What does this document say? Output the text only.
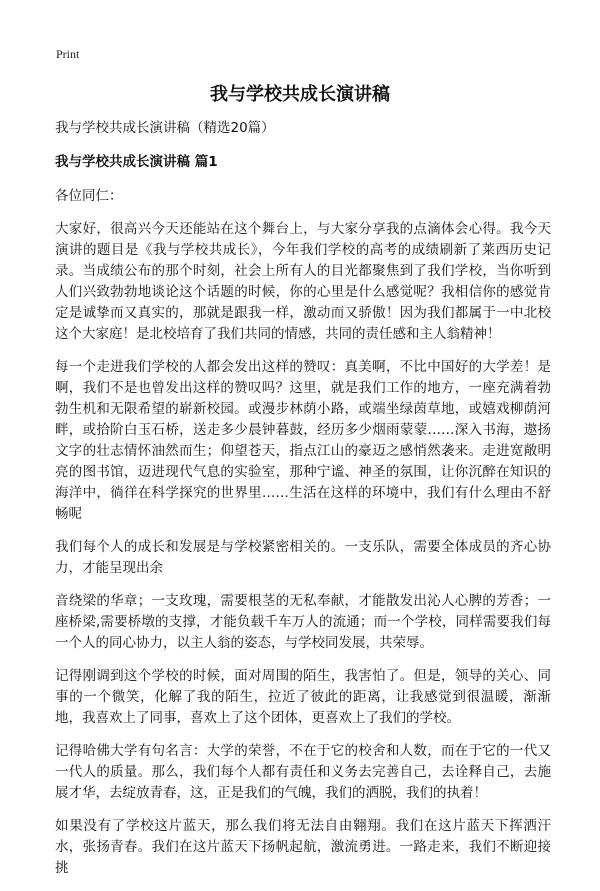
Print
我与学校共成长演讲稿

我与学校共成长演讲稿（精选20篇）

我与学校共成长演讲稿 篇1

各位同仁：

大家好，很高兴今天还能站在这个舞台上，与大家分享我的点滴体会心得。我今天演讲的题目是《我与学校共成长》，今年我们学校的高考的成绩刷新了莱西历史记录。当成绩公布的那个时刻，社会上所有人的目光都聚焦到了我们学校，当你听到人们兴致勃勃地谈论这个话题的时候，你的心里是什么感觉呢？我相信你的感觉肯定是诚挚而又真实的，那就是跟我一样，激动而又骄傲！因为我们都属于一中北校这个大家庭！是北校培育了我们共同的情感，共同的责任感和主人翁精神！

每一个走进我们学校的人都会发出这样的赞叹：真美啊，不比中国好的大学差！是啊，我们不是也曾发出这样的赞叹吗？这里，就是我们工作的地方，一座充满着勃勃生机和无限希望的崭新校园。或漫步林荫小路，或端坐绿茵草地，或嬉戏柳荫河畔，或拾阶白玉石桥，送走多少晨钟暮鼓，经历多少烟雨蒙蒙……深入书海，遨扬文字的壮志情怀油然而生；仰望苍天，指点江山的豪迈之感悄然袭来。走进宽敞明亮的图书馆，迈进现代气息的实验室，那种宁谧、神圣的氛围，让你沉醉在知识的海洋中，徜徉在科学探究的世界里……生活在这样的环境中，我们有什么理由不舒畅呢

我们每个人的成长和发展是与学校紧密相关的。一支乐队，需要全体成员的齐心协力，才能呈现出余

音绕梁的华章；一支玫瑰，需要根茎的无私奉献，才能散发出沁人心脾的芳香；一座桥梁,需要桥墩的支撑，才能负载千车万人的流通；而一个学校，同样需要我们每一个人的同心协力，以主人翁的姿态，与学校同发展，共荣辱。

记得刚调到这个学校的时候，面对周围的陌生，我害怕了。但是，领导的关心、同事的一个微笑，化解了我的陌生，拉近了彼此的距离，让我感觉到很温暖，渐渐地，我喜欢上了同事，喜欢上了这个团体，更喜欢上了我们的学校。

记得哈佛大学有句名言：大学的荣誉，不在于它的校舍和人数，而在于它的一代又一代人的质量。那么，我们每个人都有责任和义务去完善自己，去诠释自己，去施展才华，去绽放青春，这，正是我们的气魄，我们的洒脱，我们的执着！

如果没有了学校这片蓝天，那么我们将无法自由翱翔。我们在这片蓝天下挥洒汗水，张扬青春。我们在这片蓝天下扬帆起航，激流勇进。一路走来，我们不断迎接挑
